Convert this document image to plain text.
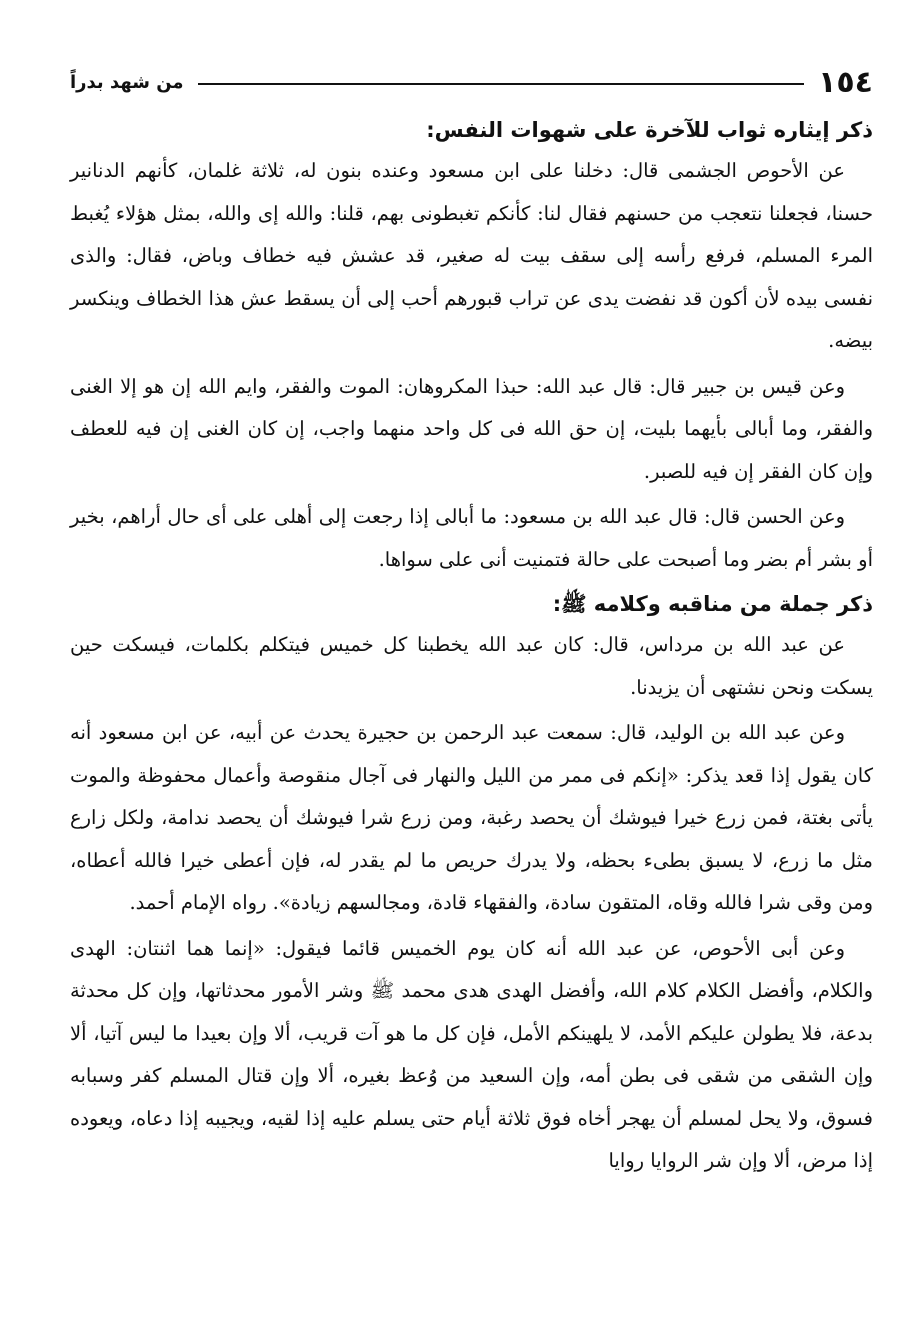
١٥٤
من شهد بدراً
ذكر إيثاره ثواب للآخرة على شهوات النفس:

عن الأحوص الجشمى قال: دخلنا على ابن مسعود وعنده بنون له، ثلاثة غلمان، كأنهم الدنانير حسنا، فجعلنا نتعجب من حسنهم فقال لنا: كأنكم تغبطونى بهم، قلنا: والله إى والله، بمثل هؤلاء يُغبط المرء المسلم، فرفع رأسه إلى سقف بيت له صغير، قد عشش فيه خطاف وباض، فقال: والذى نفسى بيده لأن أكون قد نفضت يدى عن تراب قبورهم أحب إلى أن يسقط عش هذا الخطاف وينكسر بيضه.

وعن قيس بن جبير قال: قال عبد الله: حبذا المكروهان: الموت والفقر، وايم الله إن هو إلا الغنى والفقر، وما أبالى بأيهما بليت، إن حق الله فى كل واحد منهما واجب، إن كان الغنى إن فيه للعطف وإن كان الفقر إن فيه للصبر.

وعن الحسن قال: قال عبد الله بن مسعود: ما أبالى إذا رجعت إلى أهلى على أى حال أراهم، بخير أو بشر أم بضر وما أصبحت على حالة فتمنيت أنى على سواها.

ذكر جملة من مناقبه وكلامه ﷺ:

عن عبد الله بن مرداس، قال: كان عبد الله يخطبنا كل خميس فيتكلم بكلمات، فيسكت حين يسكت ونحن نشتهى أن يزيدنا.

وعن عبد الله بن الوليد، قال: سمعت عبد الرحمن بن حجيرة يحدث عن أبيه، عن ابن مسعود أنه كان يقول إذا قعد يذكر: «إنكم فى ممر من الليل والنهار فى آجال منقوصة وأعمال محفوظة والموت يأتى بغتة، فمن زرع خيرا فيوشك أن يحصد رغبة، ومن زرع شرا فيوشك أن يحصد ندامة، ولكل زارع مثل ما زرع، لا يسبق بطىء بحظه، ولا يدرك حريص ما لم يقدر له، فإن أعطى خيرا فالله أعطاه، ومن وقى شرا فالله وقاه، المتقون سادة، والفقهاء قادة، ومجالسهم زيادة». رواه الإمام أحمد.

وعن أبى الأحوص، عن عبد الله أنه كان يوم الخميس قائما فيقول: «إنما هما اثنتان: الهدى والكلام، وأفضل الكلام كلام الله، وأفضل الهدى هدى محمد ﷺ وشر الأمور محدثاتها، وإن كل محدثة بدعة، فلا يطولن عليكم الأمد، لا يلهينكم الأمل، فإن كل ما هو آت قريب، ألا وإن بعيدا ما ليس آتيا، ألا وإن الشقى من شقى فى بطن أمه، وإن السعيد من وُعظ بغيره، ألا وإن قتال المسلم كفر وسبابه فسوق، ولا يحل لمسلم أن يهجر أخاه فوق ثلاثة أيام حتى يسلم عليه إذا لقيه، ويجيبه إذا دعاه، ويعوده إذا مرض، ألا وإن شر الروايا روايا
